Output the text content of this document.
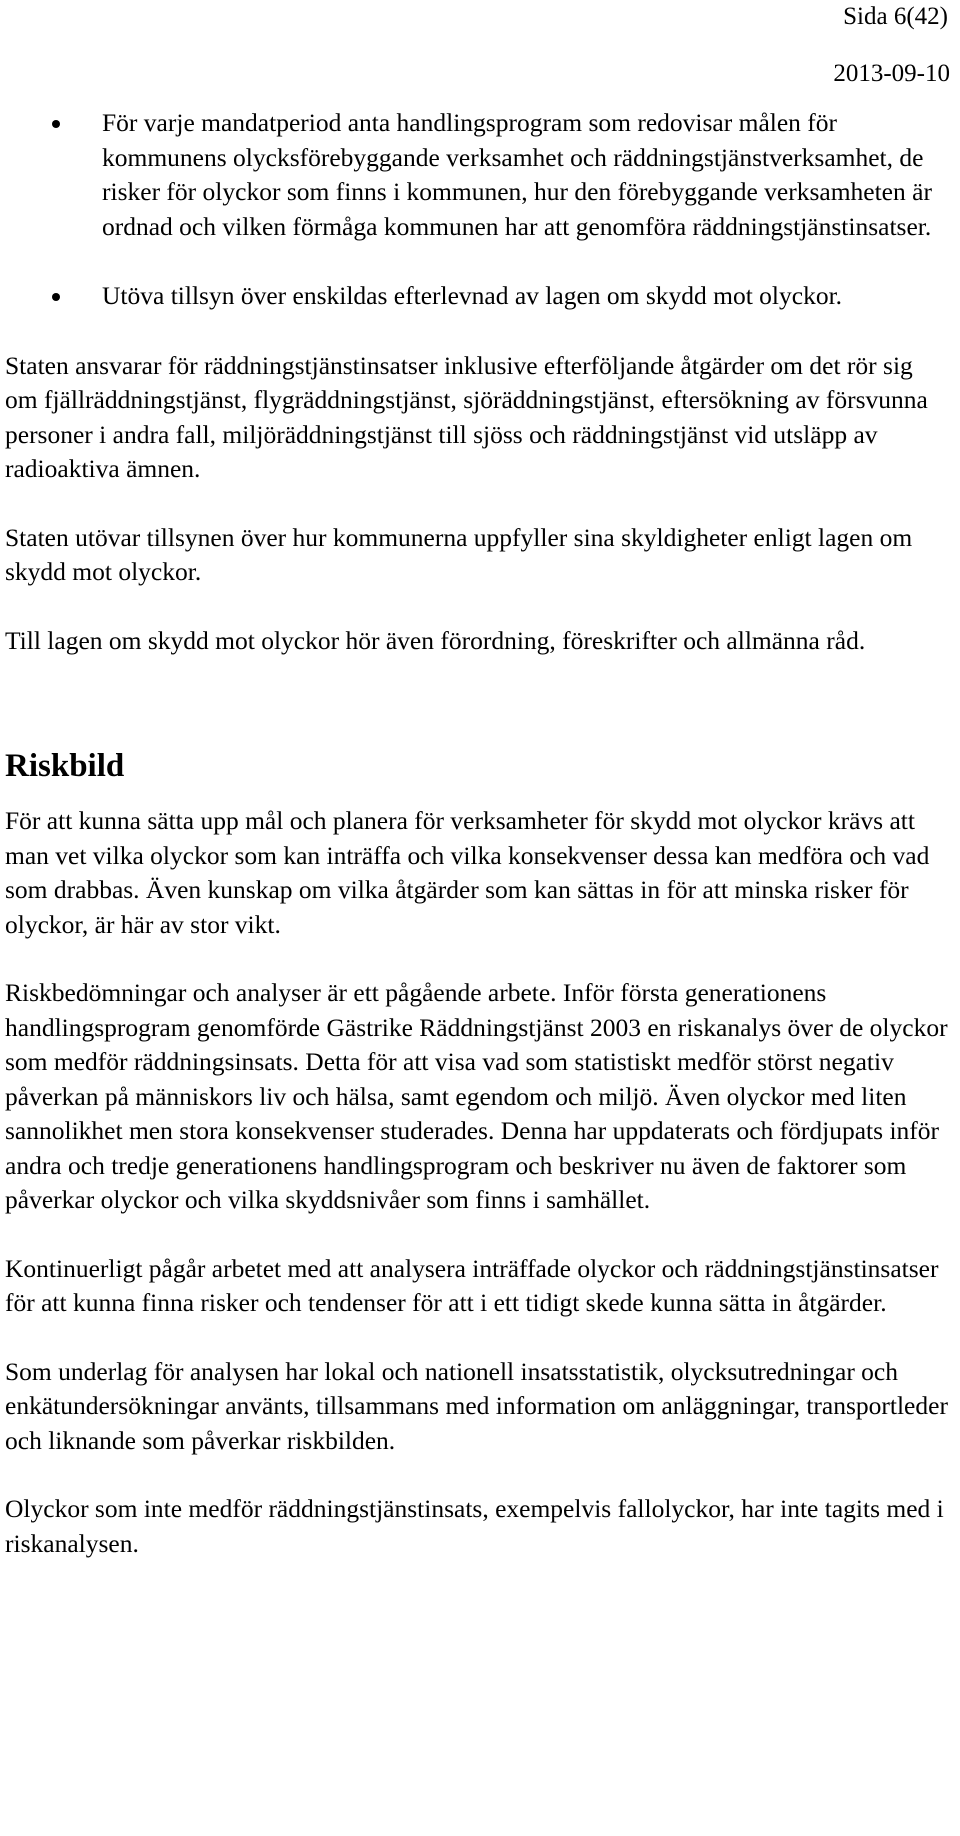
Sida 6(42)
2013-09-10
För varje mandatperiod anta handlingsprogram som redovisar målen för kommunens olycksförebyggande verksamhet och räddningstjänstverksamhet, de risker för olyckor som finns i kommunen, hur den förebyggande verksamheten är ordnad och vilken förmåga kommunen har att genomföra räddningstjänstinsatser.
Utöva tillsyn över enskildas efterlevnad av lagen om skydd mot olyckor.

Staten ansvarar för räddningstjänstinsatser inklusive efterföljande åtgärder om det rör sig om fjällräddningstjänst, flygräddningstjänst, sjöräddningstjänst, eftersökning av försvunna personer i andra fall, miljöräddningstjänst till sjöss och räddningstjänst vid utsläpp av radioaktiva ämnen.

Staten utövar tillsynen över hur kommunerna uppfyller sina skyldigheter enligt lagen om skydd mot olyckor.

Till lagen om skydd mot olyckor hör även förordning, föreskrifter och allmänna råd.

Riskbild

För att kunna sätta upp mål och planera för verksamheter för skydd mot olyckor krävs att man vet vilka olyckor som kan inträffa och vilka konsekvenser dessa kan medföra och vad som drabbas. Även kunskap om vilka åtgärder som kan sättas in för att minska risker för olyckor, är här av stor vikt.

Riskbedömningar och analyser är ett pågående arbete. Inför första generationens handlingsprogram genomförde Gästrike Räddningstjänst 2003 en riskanalys över de olyckor som medför räddningsinsats. Detta för att visa vad som statistiskt medför störst negativ påverkan på människors liv och hälsa, samt egendom och miljö. Även olyckor med liten sannolikhet men stora konsekvenser studerades. Denna har uppdaterats och fördjupats inför andra och tredje generationens handlingsprogram och beskriver nu även de faktorer som påverkar olyckor och vilka skyddsnivåer som finns i samhället.

Kontinuerligt pågår arbetet med att analysera inträffade olyckor och räddningstjänstinsatser för att kunna finna risker och tendenser för att i ett tidigt skede kunna sätta in åtgärder.

Som underlag för analysen har lokal och nationell insatsstatistik, olycksutredningar och enkätundersökningar använts, tillsammans med information om anläggningar, transportleder och liknande som påverkar riskbilden.

Olyckor som inte medför räddningstjänstinsats, exempelvis fallolyckor, har inte tagits med i riskanalysen.
